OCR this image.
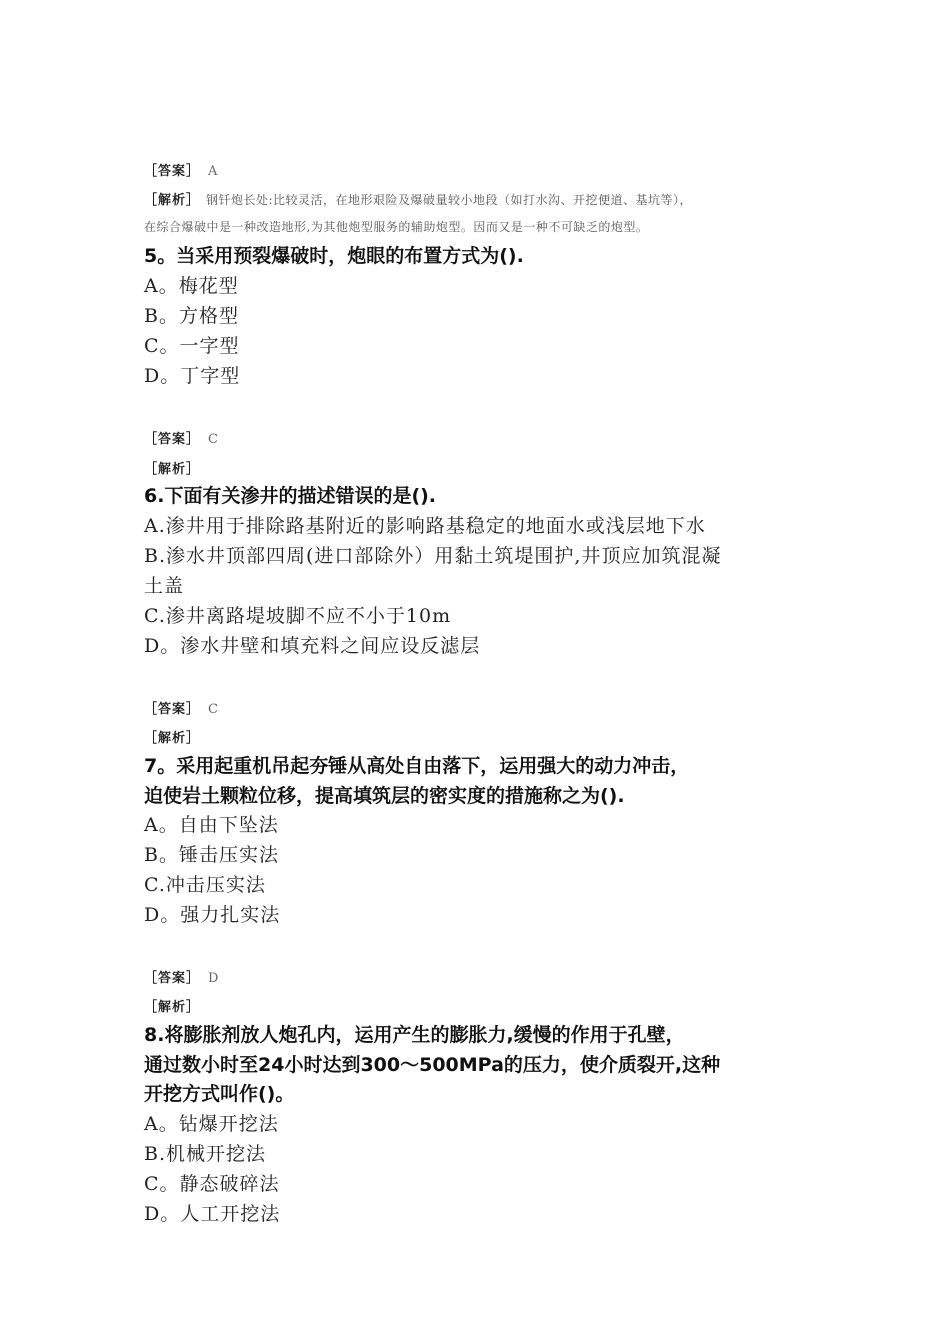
［答案］ A
［解析］ 钢钎炮长处:比较灵活，在地形艰险及爆破量较小地段（如打水沟、开挖便道、基坑等），
在综合爆破中是一种改造地形,为其他炮型服务的辅助炮型。因而又是一种不可缺乏的炮型。
5。当采用预裂爆破时，炮眼的布置方式为().
A。梅花型
B。方格型
C。一字型
D。丁字型
［答案］ C
［解析］
6.下面有关渗井的描述错误的是().
A.渗井用于排除路基附近的影响路基稳定的地面水或浅层地下水
B.渗水井顶部四周(进口部除外）用黏土筑堤围护,井顶应加筑混凝
土盖
C.渗井离路堤坡脚不应不小于10m
D。渗水井壁和填充料之间应设反滤层
［答案］ C
［解析］
7。采用起重机吊起夯锤从高处自由落下，运用强大的动力冲击，
迫使岩土颗粒位移，提高填筑层的密实度的措施称之为().
A。自由下坠法
B。锤击压实法
C.冲击压实法
D。强力扎实法
［答案］ D
［解析］
8.将膨胀剂放人炮孔内，运用产生的膨胀力,缓慢的作用于孔壁，
通过数小时至24小时达到300～500MPa的压力，使介质裂开,这种
开挖方式叫作()。
A。钻爆开挖法
B.机械开挖法
C。静态破碎法
D。人工开挖法
